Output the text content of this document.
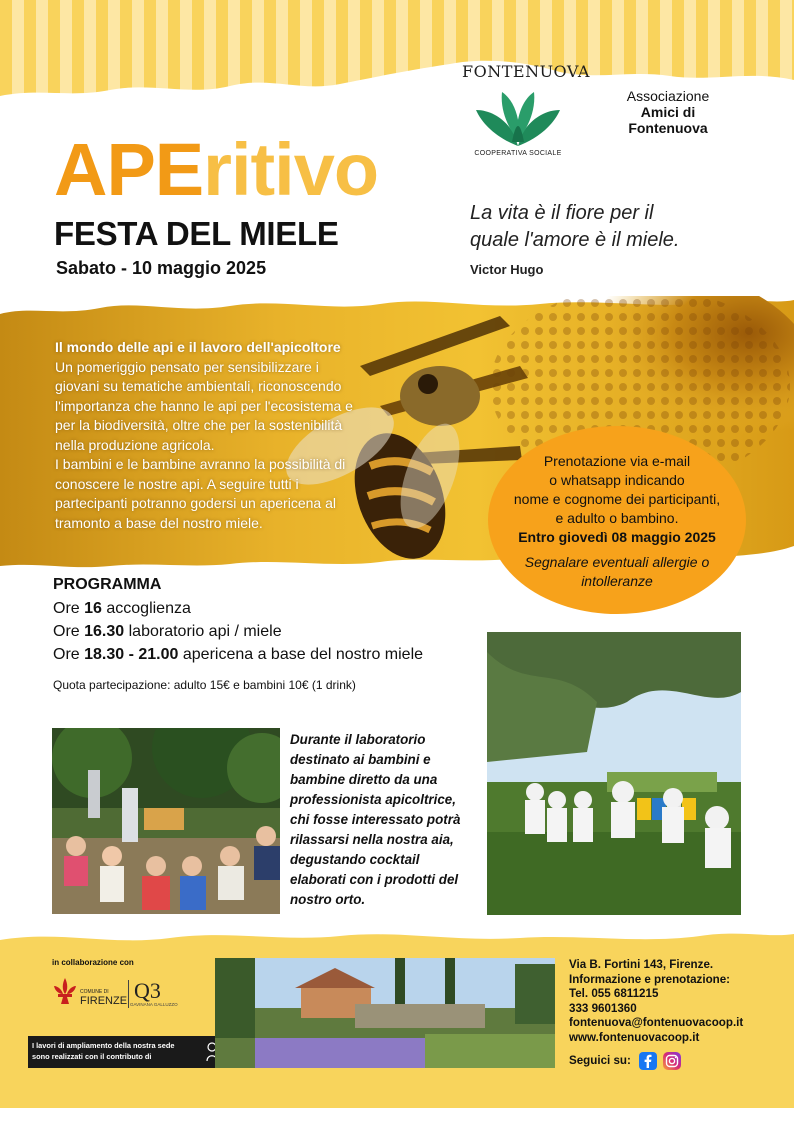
FONTENUOVA
COOPERATIVA SOCIALE
Associazione
Amici di
Fontenuova
APEritivo
FESTA DEL MIELE
Sabato - 10 maggio 2025
La vita è il fiore per il
quale l'amore è il miele.
Victor Hugo
Il mondo delle api e il lavoro dell'apicoltore
Un pomeriggio pensato per sensibilizzare i
giovani su tematiche ambientali, riconoscendo
l'importanza che hanno le api per l'ecosistema e
per la biodiversità, oltre che per la sostenibilità
nella produzione agricola.
I bambini e le bambine avranno la possibilità di
conoscere le nostre api. A seguire tutti i
partecipanti potranno godersi un apericena al
tramonto a base del nostro miele.
Prenotazione via e-mail
o whatsapp indicando
nome e cognome dei participanti,
e adulto o bambino.
Entro giovedì 08 maggio 2025
Segnalare eventuali allergie o
intolleranze
PROGRAMMA
Ore 16 accoglienza
Ore 16.30 laboratorio api / miele
Ore 18.30 - 21.00 apericena a base del nostro miele
Quota partecipazione: adulto 15€ e bambini 10€ (1 drink)
Durante il laboratorio
destinato ai bambini e
bambine diretto da una
professionista apicoltrice,
chi fosse interessato potrà
rilassarsi nella nostra aia,
degustando cocktail
elaborati con i prodotti del
nostro orto.
in collaborazione con
COMUNE DI
FIRENZE Q3
GAVINANA GALLUZZO
I lavori di ampliamento della nostra sede
sono realizzati con il contributo di
Via B. Fortini 143, Firenze.
Informazione e prenotazione:
Tel. 055 6811215
333 9601360
fontenuova@fontenuovacoop.it
www.fontenuovacoop.it
Seguici su:
